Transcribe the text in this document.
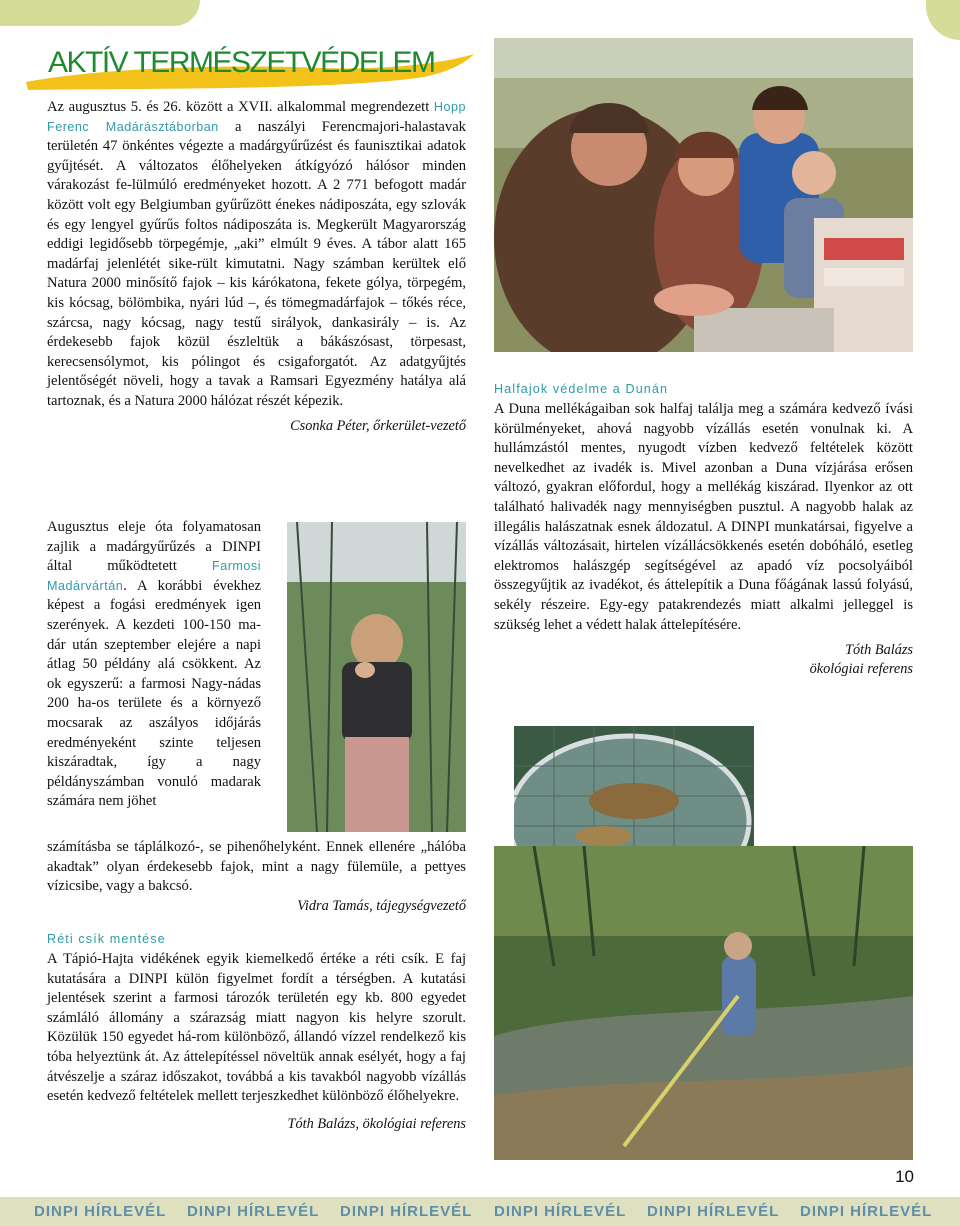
AKTÍV TERMÉSZETVÉDELEM

Az augusztus 5. és 26. között a XVII. alkalommal megrendezett Hopp Ferenc Madárásztáborban a naszályi Ferencmajori-halastavak területén 47 önkéntes végezte a madárgyűrűzést és faunisztikai adatok gyűjtését. A változatos élőhelyeken átkígyózó hálósor minden várakozást fe-lülmúló eredményeket hozott. A 2 771 befogott madár között volt egy Belgiumban gyűrűzött énekes nádiposzáta, egy szlovák és egy lengyel gyűrűs foltos nádiposzáta is. Megkerült Magyarország eddigi legidősebb törpegémje, „aki” elmúlt 9 éves. A tábor alatt 165 madárfaj jelenlétét sike-rült kimutatni. Nagy számban kerültek elő Natura 2000 minősítő fajok – kis kárókatona, fekete gólya, törpegém, kis kócsag, bölömbika, nyári lúd –, és tömegmadárfajok – tőkés réce, szárcsa, nagy kócsag, nagy testű sirályok, dankasirály – is. Az érdekesebb fajok közül észleltük a bákászósast, törpesast, kerecsensólymot, kis pólingot és csigaforgatót. Az adatgyűjtés jelentőségét növeli, hogy a tavak a Ramsari Egyezmény hatálya alá tartoznak, és a Natura 2000 hálózat részét képezik.

Csonka Péter, őrkerület-vezető

Augusztus eleje óta folyamatosan zajlik a madárgyűrűzés a DINPI által működtetett Farmosi Madárvártán. A korábbi évekhez képest a fogási eredmények igen szerények. A kezdeti 100-150 ma-dár után szeptember elejére a napi átlag 50 példány alá csökkent. Az ok egyszerű: a farmosi Nagy-nádas 200 ha-os területe és a környező mocsarak az aszályos időjárás eredményeként szinte teljesen kiszáradtak, így a nagy példányszámban vonuló madarak számára nem jöhet

számításba se táplálkozó-, se pihenőhelyként. Ennek ellenére „hálóba akadtak” olyan érdekesebb fajok, mint a nagy fülemüle, a pettyes vízicsibe, vagy a bakcsó.

Vidra Tamás, tájegységvezető

Réti csík mentése

A Tápió-Hajta vidékének egyik kiemelkedő értéke a réti csík. E faj kutatására a DINPI külön figyelmet fordít a térségben. A kutatási jelentések szerint a farmosi tározók területén egy kb. 800 egyedet számláló állomány a szárazság miatt nagyon kis helyre szorult. Közülük 150 egyedet há-rom különböző, állandó vízzel rendelkező kis tóba helyeztünk át. Az áttelepítéssel növeltük annak esélyét, hogy a faj átvészelje a száraz időszakot, továbbá a kis tavakból nagyobb vízállás esetén kedvező feltételek mellett terjeszkedhet különböző élőhelyekre.

Tóth Balázs, ökológiai referens

Halfajok védelme a Dunán

A Duna mellékágaiban sok halfaj találja meg a számára kedvező ívási körülményeket, ahová nagyobb vízállás esetén vonulnak ki. A hullámzástól mentes, nyugodt vízben kedvező feltételek között nevelkedhet az ivadék is. Mivel azonban a Duna vízjárása erősen változó, gyakran előfordul, hogy a mellékág kiszárad. Ilyenkor az ott található halivadék nagy mennyiségben pusztul. A nagyobb halak az illegális halászatnak esnek áldozatul. A DINPI munkatársai, figyelve a vízállás változásait, hirtelen vízállácsökkenés esetén dobóháló, esetleg elektromos halászgép segítségével az apadó víz pocsolyáiból összegyűjtik az ivadékot, és áttelepítik a Duna főágának lassú folyású, sekély részeire. Egy-egy patakrendezés miatt alkalmi jelleggel is szükség lehet a védett halak áttelepítésére.

Tóth Balázs
ökológiai referens

10
DINPI HÍRLEVÉL DINPI HÍRLEVÉL DINPI HÍRLEVÉL DINPI HÍRLEVÉL DINPI HÍRLEVÉL DINPI HÍRLEVÉL
